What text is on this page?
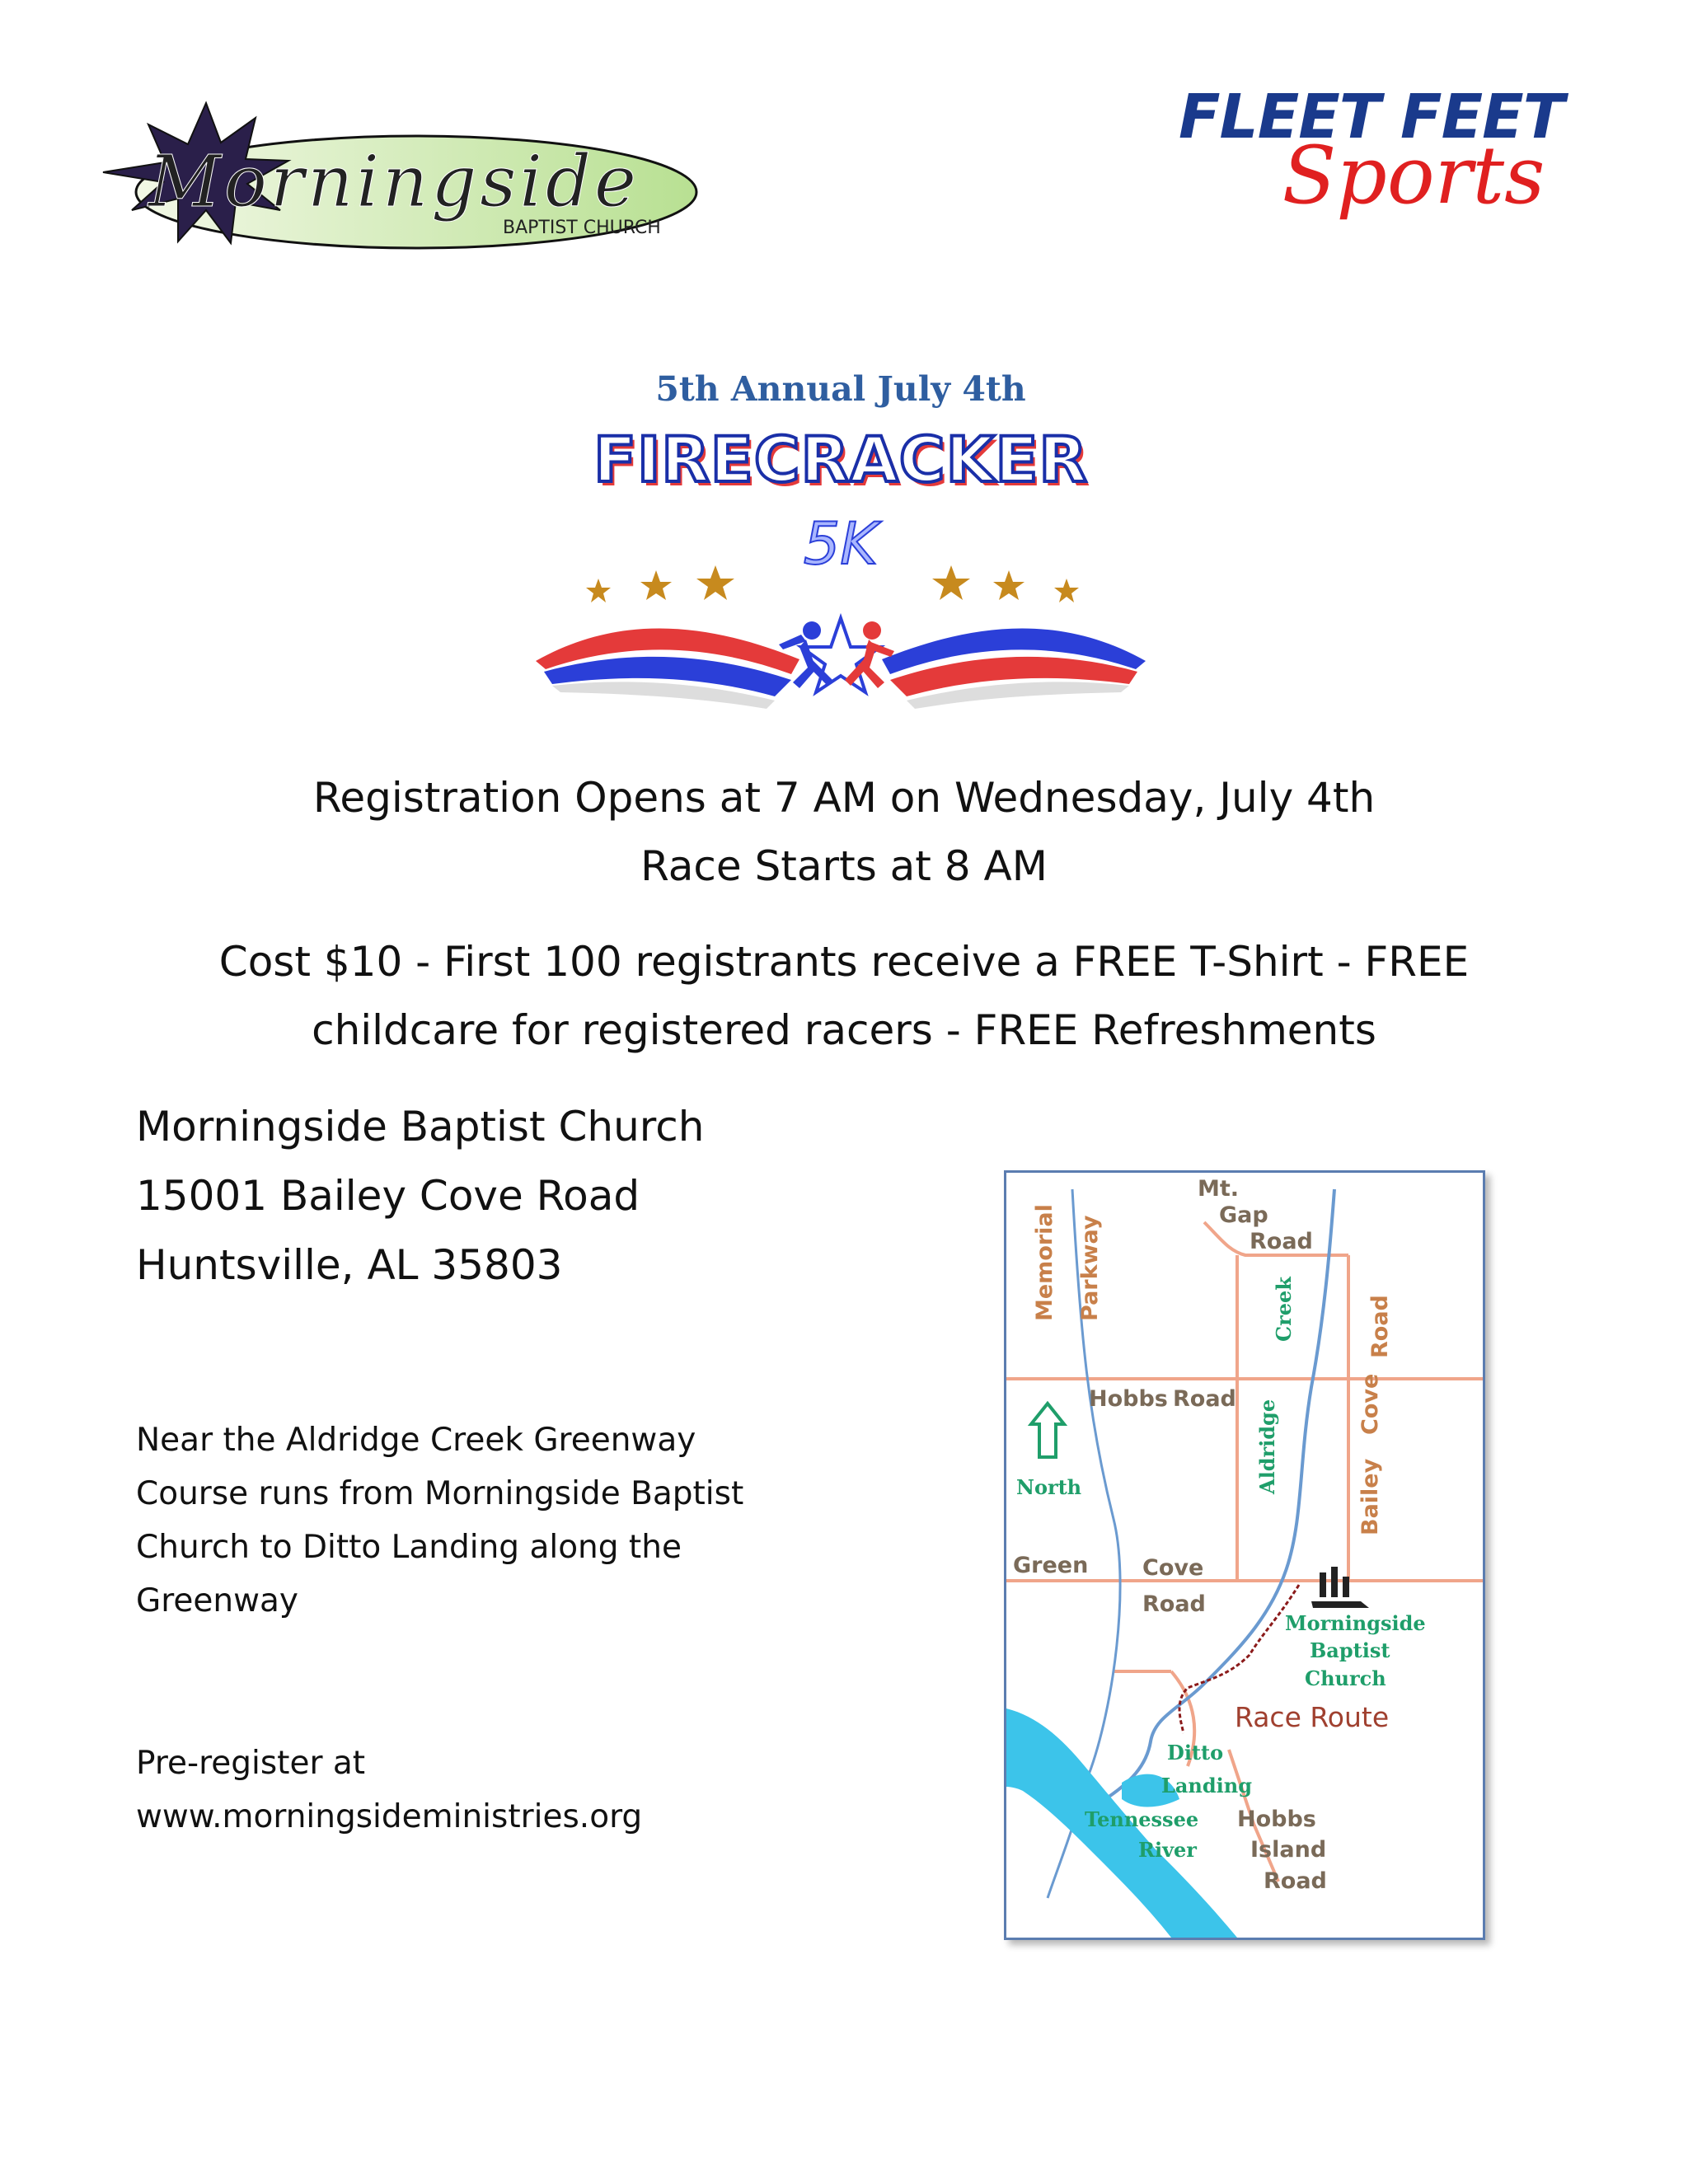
Morningside
BAPTIST CHURCH
FLEET FEET
Sports
5th Annual July 4th
FIRECRACKER
5K
Registration Opens at 7 AM on Wednesday, July 4th
Race Starts at 8 AM
Cost $10 - First 100 registrants receive a FREE T-Shirt - FREE
childcare for registered racers - FREE Refreshments
Morningside Baptist Church
15001 Bailey Cove Road
Huntsville, AL 35803
Near the Aldridge Creek Greenway
Course runs from Morningside Baptist
Church to Ditto Landing along the
Greenway
Pre-register at
www.morningsideministries.org
Mt.
Gap
Road
Memorial Parkway	Creek	Road
Hobbs Road
Aldridge	Cove
Bailey
North
Green Cove
Road
Morningside
Baptist
Church
Race Route
Ditto
Landing
Tennessee
River
Hobbs
Island
Road
